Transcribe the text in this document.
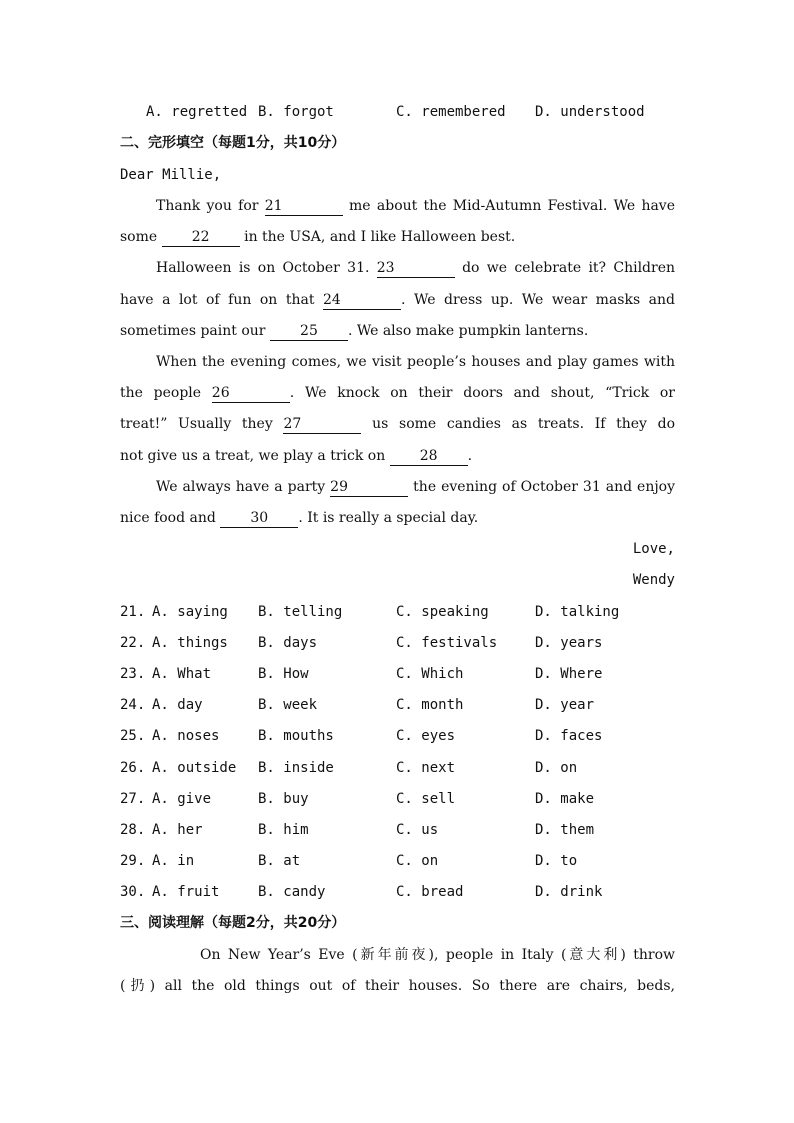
A. regretted B. forgot	C. remembered D. understood
二、完形填空（每题1分，共10分）
Dear Millie,
Thank you for 21	me about the Mid-Autumn Festival. We have
some 22 in the USA, and I like Halloween best.
Halloween is on October 31. 23	do we celebrate it? Children
have a lot of fun on that 24	. We dress up. We wear masks and
sometimes paint our 25 . We also make pumpkin lanterns.
When the evening comes, we visit people’s houses and play games with
the people 26	. We knock on their doors and shout, “Trick or
treat!” Usually they 27	us some candies as treats. If they do
not give us a treat, we play a trick on 28 .
We always have a party 29	the evening of October 31 and enjoy
nice food and 30 . It is really a special day.
Love,
Wendy
21. A. saying B. telling	C. speaking	D. talking
22. A. things B. days	C. festivals	D. years
23. A. What	B. How	C. Which	D. Where
24. A. day	B. week	C. month	D. year
25. A. noses	B. mouths	C. eyes	D. faces
26. A. outside B. inside	C. next	D. on
27. A. give	B. buy	C. sell	D. make
28. A. her	B. him	C. us	D. them
29. A. in	B. at	C. on	D. to
30. A. fruit	B. candy	C. bread	D. drink
三、阅读理解（每题2分，共20分）
On New Year’s Eve (新年前夜), people in Italy (意大利) throw
(扔) all the old things out of their houses. So there are chairs, beds,
